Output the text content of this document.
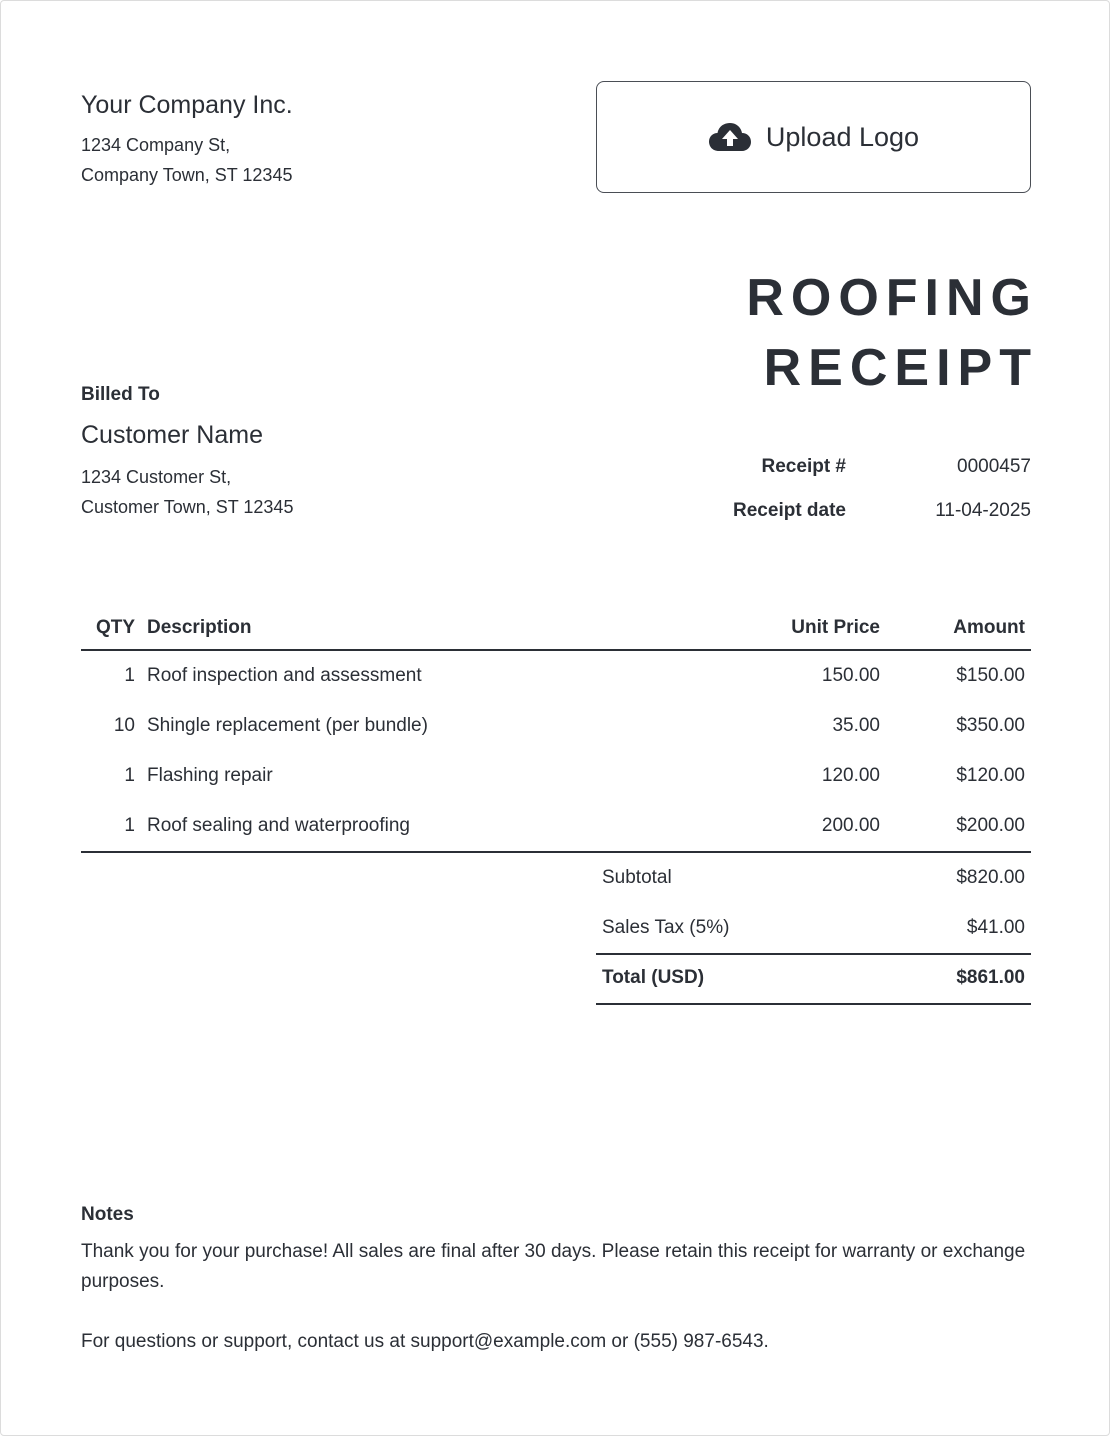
Your Company Inc.
1234 Company St,
Company Town, ST 12345
Upload Logo
ROOFING
RECEIPT
Billed To
Customer Name
1234 Customer St,
Customer Town, ST 12345
Receipt #	0000457
Receipt date	11-04-2025
QTY Description	Unit Price	Amount
1 Roof inspection and assessment	150.00	$150.00
10 Shingle replacement (per bundle)	35.00	$350.00
1 Flashing repair	120.00	$120.00
1 Roof sealing and waterproofing	200.00	$200.00
Subtotal	$820.00
Sales Tax (5%)	$41.00
Total (USD)	$861.00
Notes
Thank you for your purchase! All sales are final after 30 days. Please retain this receipt for warranty or exchange purposes.
For questions or support, contact us at support@example.com or (555) 987-6543.
